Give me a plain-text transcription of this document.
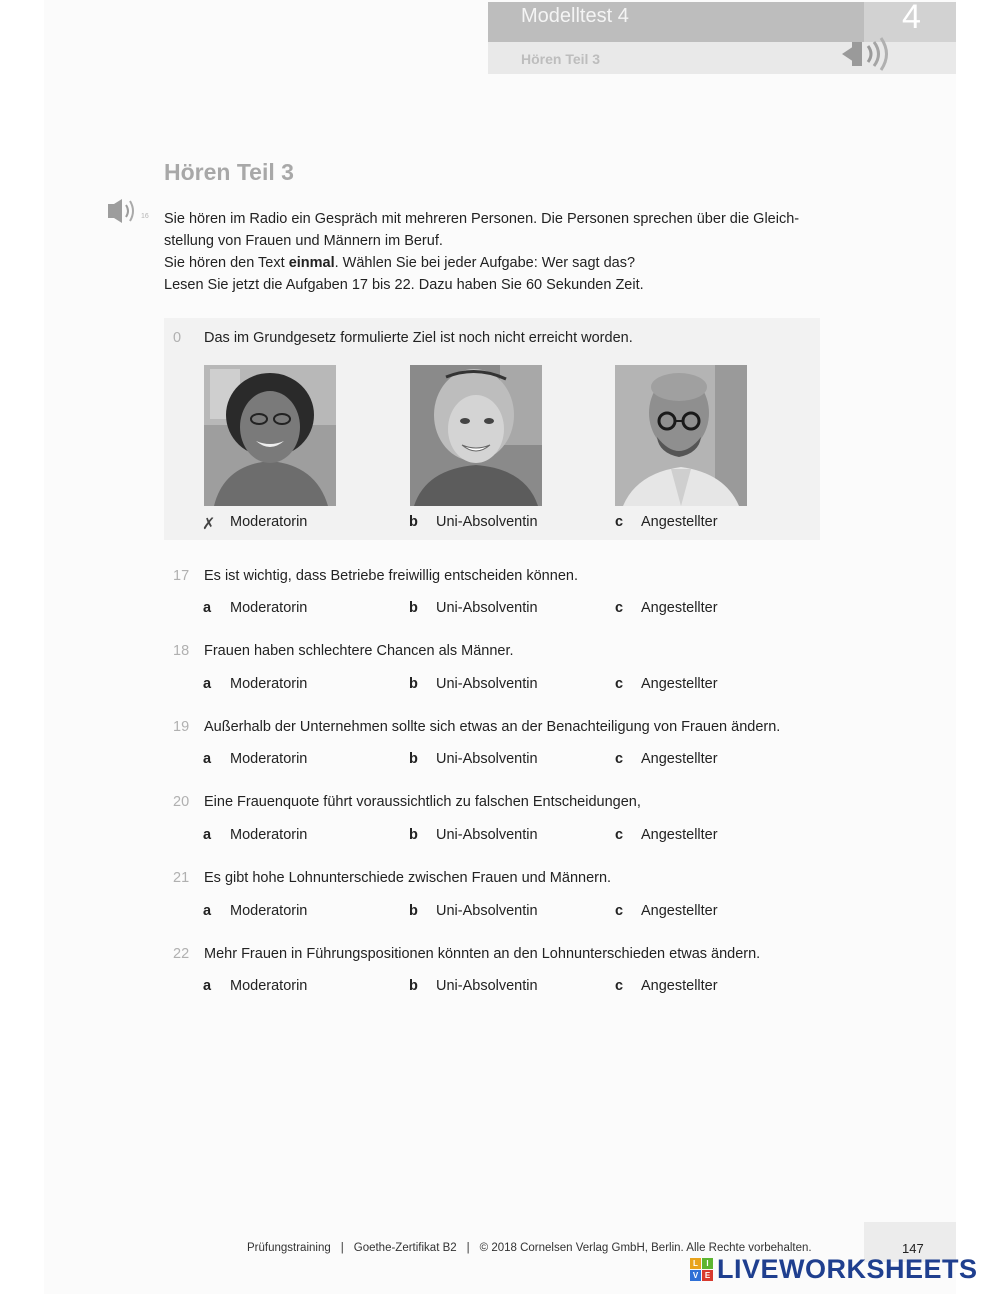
Modelltest 4	4
Hören Teil 3
Hören Teil 3
16 Sie hören im Radio ein Gespräch mit mehreren Personen. Die Personen sprechen über die Gleich-

stellung von Frauen und Männern im Beruf.

Sie hören den Text einmal. Wählen Sie bei jeder Aufgabe: Wer sagt das?

Lesen Sie jetzt die Aufgaben 17 bis 22. Dazu haben Sie 60 Sekunden Zeit.

0	Das im Grundgesetz formulierte Ziel ist noch nicht erreicht worden.
✗ Moderatorin	b Uni-Absolventin	c Angestellter
17	Es ist wichtig, dass Betriebe freiwillig entscheiden können.
a Moderatorin	b Uni-Absolventin	c Angestellter
18	Frauen haben schlechtere Chancen als Männer.
a Moderatorin	b Uni-Absolventin	c Angestellter
19	Außerhalb der Unternehmen sollte sich etwas an der Benachteiligung von Frauen ändern.
a Moderatorin	b Uni-Absolventin	c Angestellter
20	Eine Frauenquote führt voraussichtlich zu falschen Entscheidungen,
a Moderatorin	b Uni-Absolventin	c Angestellter
21	Es gibt hohe Lohnunterschiede zwischen Frauen und Männern.
a Moderatorin	b Uni-Absolventin	c Angestellter
22	Mehr Frauen in Führungspositionen könnten an den Lohnunterschieden etwas ändern.
a Moderatorin	b Uni-Absolventin	c Angestellter
Prüfungstraining | Goethe-Zertifikat B2 | © 2018 Cornelsen Verlag GmbH, Berlin. Alle Rechte vorbehalten.	147
L	I
V E LIVEWORKSHEETS
